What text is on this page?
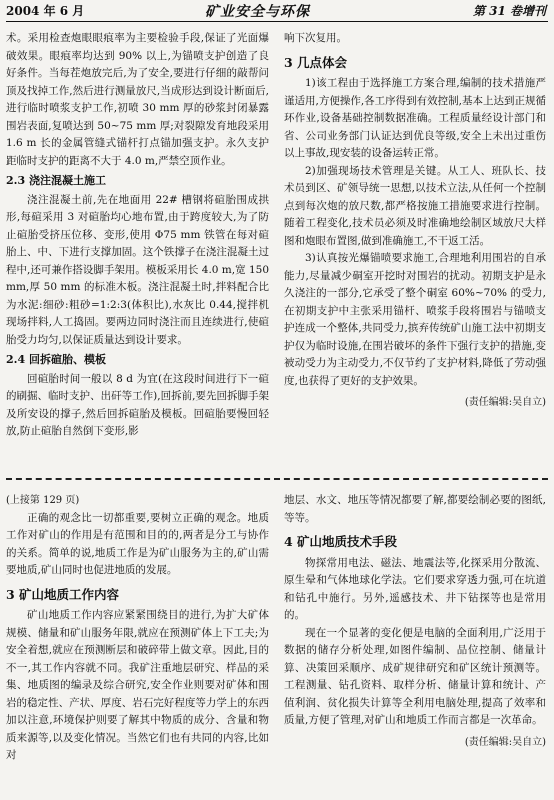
2004 年 6 月	矿业安全与环保	第 31 卷增刊

术。采用检查炮眼眼痕率为主要检验手段,保证了光面爆破效果。眼痕率均达到 90% 以上,为锚喷支护创造了良好条件。当每茬炮放完后,为了安全,要进行仔细的敲帮问顶及找掉工作,然后进行测量放尺,当成形达到设计断面后,进行临时喷浆支护工作,初喷 30 mm 厚的砂浆封闭暴露围岩表面,复喷达到 50~75 mm 厚;对裂隙发育地段采用 1.6 m 长的金属管缝式锚杆打点锚加强支护。永久支护距临时支护的距离不大于 4.0 m,严禁空顶作业。

2.3 浇注混凝土施工

浇注混凝土前,先在地面用 22# 槽钢将碹胎围成拱形,每碹采用 3 对碹胎均心地布置,由于跨度较大,为了防止碹胎受挤压位移、变形,使用 Φ75 mm 铁管在每对碹胎上、中、下进行支撑加固。这个铁撑子在浇注混凝土过程中,还可兼作搭设脚手架用。模板采用长 4.0 m,宽 150 mm,厚 50 mm 的标准木板。浇注混凝土时,拌料配合比为水泥:细砂:粗砂=1:2:3(体积比),水灰比 0.44,搅拌机现场拌料,人工捣固。要两边同时浇注而且连续进行,使碹胎受力均匀,以保证质量达到设计要求。

2.4 回拆碹胎、模板

回碹胎时间一般以 8 d 为宜(在这段时间进行下一碹的刷掘、临时支护、出矸等工作),回拆前,要先回拆脚手架及所安设的撑子,然后回拆碹胎及模板。回碹胎要慢回轻放,防止碹胎自然倒下变形,影

响下次复用。

3 几点体会

1)该工程由于选择施工方案合理,编制的技术措施严谨适用,方便操作,各工序得到有效控制,基本上达到正规循环作业,设备基础控制数据准确。工程质量经设计部门和省、公司业务部门认证达到优良等级,安全上未出过重伤以上事故,现安装的设备运转正常。

2)加强现场技术管理是关键。从工人、班队长、技术员到区、矿领导统一思想,以技术立法,从任何一个控制点到每次炮的放尺数,都严格按施工措施要求进行控制。随着工程变化,技术员必须及时准确地绘制区域放尺大样图和炮眼布置图,做到准确施工,不干返工活。

3)认真按光爆锚喷要求施工,合理地利用围岩的自承能力,尽量减少硐室开挖时对围岩的扰动。初期支护是永久浇注的一部分,它承受了整个硐室 60%~70% 的受力,在初期支护中主张采用锚杆、喷浆手段将围岩与锚喷支护连成一个整体,共同受力,摈弃传统矿山施工法中初期支护仅为临时设施,在围岩破坏的条件下强行支护的措施,变被动受力为主动受力,不仅节约了支护材料,降低了劳动强度,也获得了更好的支护效果。

(责任编辑:吴自立)

(上接第 129 页)

正确的观念比一切都重要,要树立正确的观念。地质工作对矿山的作用是有范围和目的的,两者是分工与协作的关系。简单的说,地质工作是为矿山服务为主的,矿山需要地质,矿山同时也促进地质的发展。

3 矿山地质工作内容

矿山地质工作内容应紧紧围绕目的进行,为扩大矿体规模、储量和矿山服务年限,就应在预测矿体上下工夫;为安全着想,就应在预测断层和破碎带上做文章。因此,目的不一,其工作内容就不同。我矿注重地层研究、样品的采集、地质图的编录及综合研究,安全作业则要对矿体和围岩的稳定性、产状、厚度、岩石完好程度等力学上的东西加以注意,环境保护则要了解其中物质的成分、含量和物质来源等,以及变化情况。当然它们也有共同的内容,比如对

地层、水文、地压等情况都要了解,都要绘制必要的图纸,等等。

4 矿山地质技术手段

物探常用电法、磁法、地震法等,化探采用分散流、原生晕和气体地球化学法。它们要求穿透力强,可在坑道和钻孔中施行。另外,遥感技术、井下钻探等也是常用的。

现在一个显著的变化便是电脑的全面利用,广泛用于数据的储存分析处理,如图件编制、品位控制、储量计算、决策回采顺序、成矿规律研究和矿区统计预测等。工程测量、钻孔资料、取样分析、储量计算和统计、产值利润、贫化损失计算等全利用电脑处理,提高了效率和质量,方便了管理,对矿山和地质工作而言都是一次革命。

(责任编辑:吴自立)
